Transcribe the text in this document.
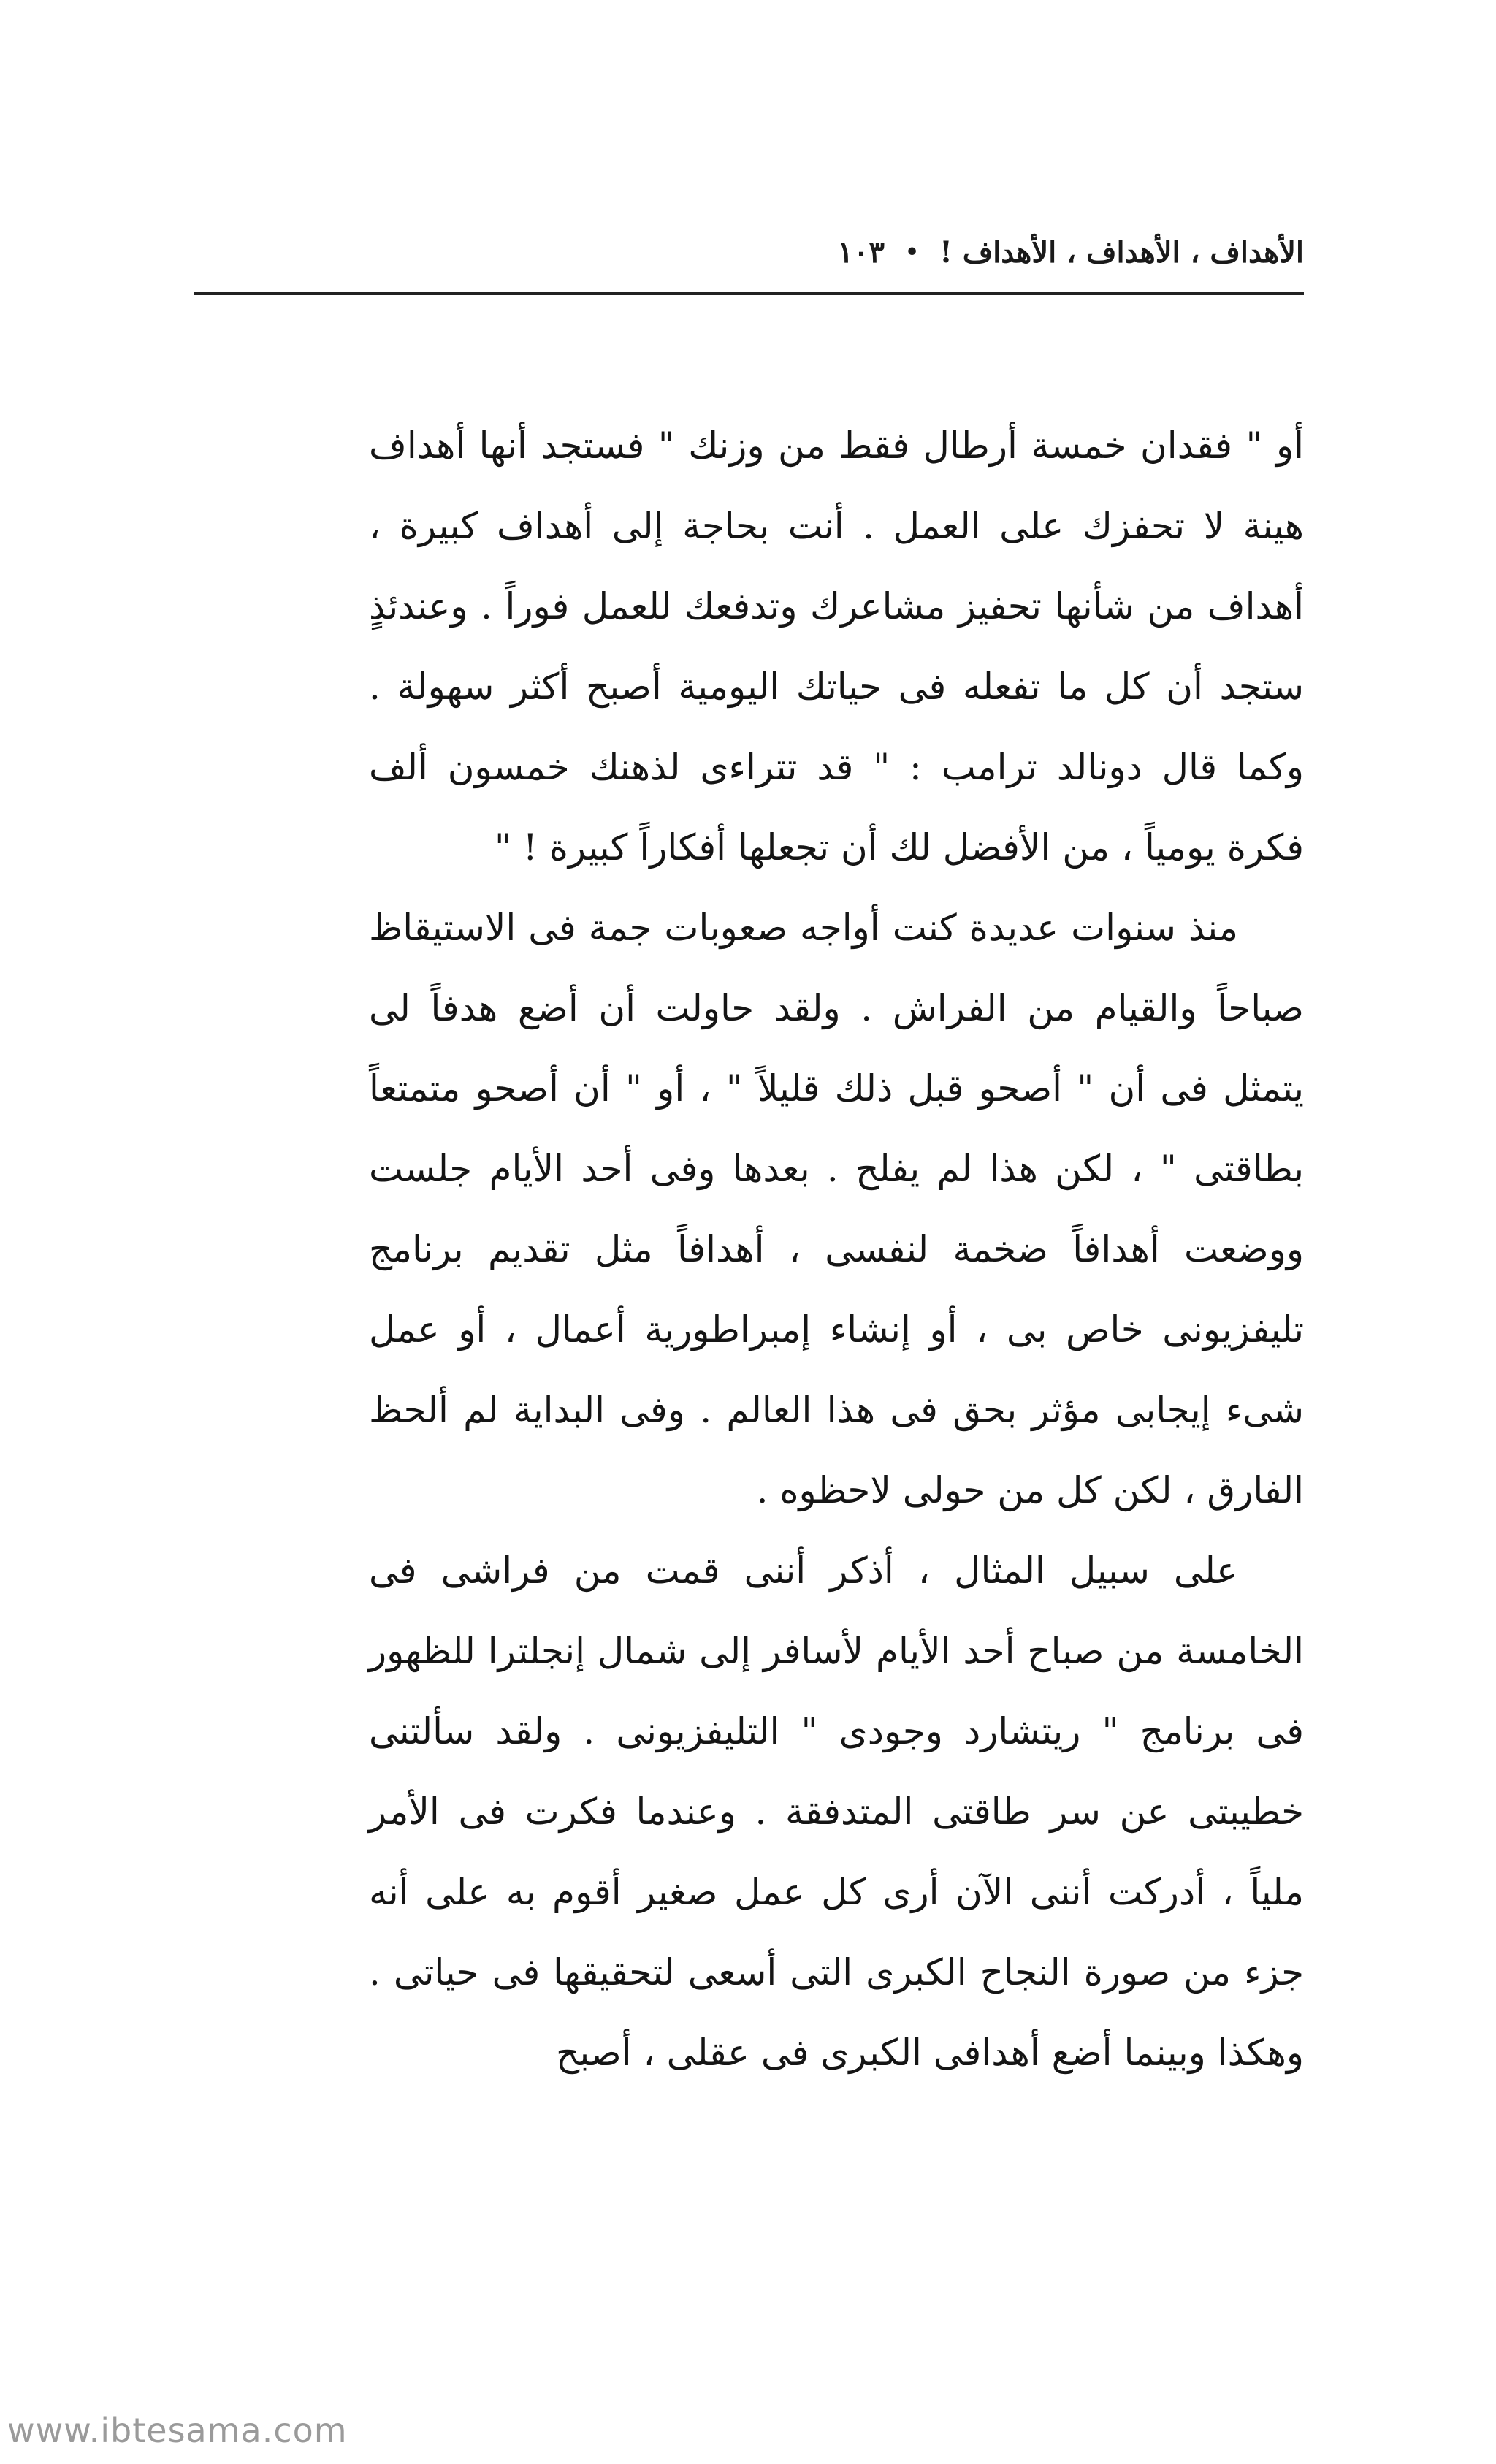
الأهداف ، الأهداف ، الأهداف !
•
١٠٣

أو " فقدان خمسة أرطال فقط من وزنك " فستجد أنها أهداف هينة لا تحفزك على العمل . أنت بحاجة إلى أهداف كبيرة ، أهداف من شأنها تحفيز مشاعرك وتدفعك للعمل فوراً . وعندئذٍ ستجد أن كل ما تفعله فى حياتك اليومية أصبح أكثر سهولة . وكما قال دونالد ترامب : " قد تتراءى لذهنك خمسون ألف فكرة يومياً ، من الأفضل لك أن تجعلها أفكاراً كبيرة ! "

منذ سنوات عديدة كنت أواجه صعوبات جمة فى الاستيقاظ صباحاً والقيام من الفراش . ولقد حاولت أن أضع هدفاً لى يتمثل فى أن " أصحو قبل ذلك قليلاً " ، أو " أن أصحو متمتعاً بطاقتى " ، لكن هذا لم يفلح . بعدها وفى أحد الأيام جلست ووضعت أهدافاً ضخمة لنفسى ، أهدافاً مثل تقديم برنامج تليفزيونى خاص بى ، أو إنشاء إمبراطورية أعمال ، أو عمل شىء إيجابى مؤثر بحق فى هذا العالم . وفى البداية لم ألحظ الفارق ، لكن كل من حولى لاحظوه .

على سبيل المثال ، أذكر أننى قمت من فراشى فى الخامسة من صباح أحد الأيام لأسافر إلى شمال إنجلترا للظهور فى برنامج " ريتشارد وجودى " التليفزيونى . ولقد سألتنى خطيبتى عن سر طاقتى المتدفقة . وعندما فكرت فى الأمر ملياً ، أدركت أننى الآن أرى كل عمل صغير أقوم به على أنه جزء من صورة النجاح الكبرى التى أسعى لتحقيقها فى حياتى . وهكذا وبينما أضع أهدافى الكبرى فى عقلى ، أصبح

www.ibtesama.com
